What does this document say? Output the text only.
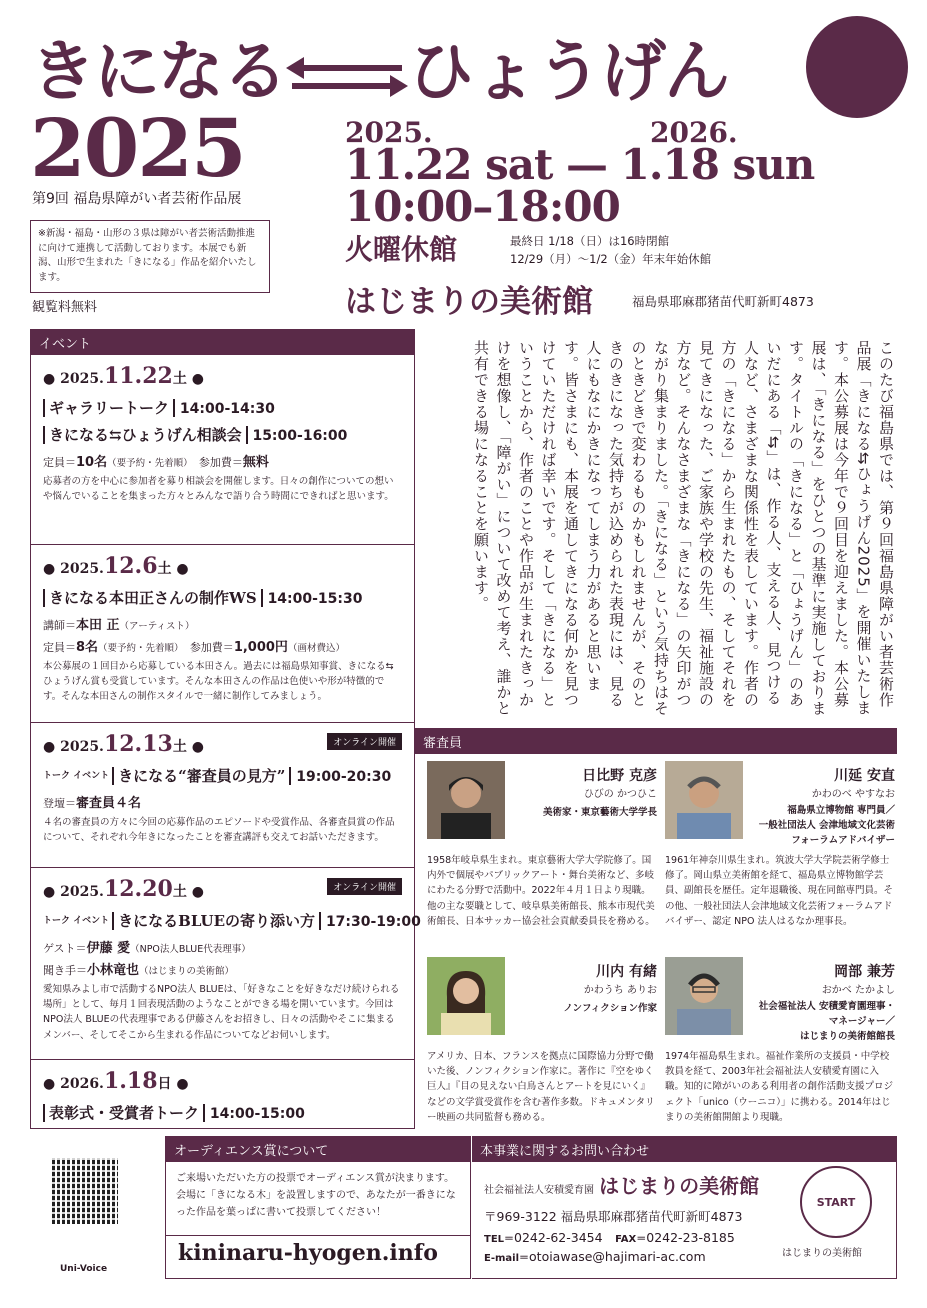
きになる ひょうげん
2025
第9回 福島県障がい者芸術作品展
※新潟・福島・山形の３県は障がい者芸術活動推進に向けて連携して活動しております。本展でも新潟、山形で生まれた「きになる」作品を紹介いたします。
観覧料無料
2025.	2026.
11.22 sat — 1.18 sun
10:00–18:00
火曜休館	最終日 1/18（日）は16時閉館
12/29（月）～1/2（金）年末年始休館
はじまりの美術館	福島県耶麻郡猪苗代町新町4873
イベント
● 2025.11.22土 ●
ギャラリートーク 14:00-14:30
きになる⇆ひょうげん相談会 15:00-16:00
定員＝10名（要予約・先着順）　 参加費＝無料
応募者の方を中心に参加者を募り相談会を開催します。日々の創作についての想いや悩んでいることを集まった方々とみんなで語り合う時間にできればと思います。
● 2025.12.6土 ●
きになる本田正さんの制作WS 14:00-15:30
講師＝本田 正（アーティスト）
定員＝8名（要予約・先着順）　 参加費＝1,000円（画材費込）
本公募展の１回目から応募している本田さん。過去には福島県知事賞、きになる⇆ひょうげん賞も受賞しています。そんな本田さんの作品は色使いや形が特徴的です。そんな本田さんの制作スタイルで一緒に制作してみましょう。
● 2025.12.13土 ●	オンライン開催
トーク イベント きになる“審査員の見方” 19:00-20:30
登壇＝審査員４名
４名の審査員の方々に今回の応募作品のエピソードや受賞作品、各審査員賞の作品について、それぞれ今年きになったことを審査講評も交えてお話いただきます。
● 2025.12.20土 ●	オンライン開催
トーク イベント きになるBLUEの寄り添い方 17:30-19:00
ゲスト＝伊藤 愛（NPO法人BLUE代表理事）
聞き手＝小林竜也（はじまりの美術館）
愛知県みよし市で活動するNPO法人 BLUEは、「好きなことを好きなだけ続けられる場所」として、毎月１回表現活動のようなことができる場を開いています。今回はNPO法人 BLUEの代表理事である伊藤さんをお招きし、日々の活動やそこに集まるメンバー、そしてそこから生まれる作品についてなどお伺いします。
● 2026.1.18日 ●
表彰式・受賞者トーク 14:00-15:00
このたび福島県では、第９回福島県障がい者芸術作品展「きになる⇆ひょうげん2025」を開催いたします。本公募展は今年で９回目を迎えました。本公募展は、「きになる」をひとつの基準に実施しております。タイトルの「きになる」と「ひょうげん」のあいだにある「⇆」は、作る人、支える人、見つける人など、さまざまな関係性を表しています。作者の方の「きになる」から生まれたもの、そしてそれを見てきになった、ご家族や学校の先生、福祉施設の方など。そんなさまざまな「きになる」の矢印がつながり集まりました。「きになる」という気持ちはそのときどきで変わるものかもしれませんが、そのときのきになった気持ちが込められた表現には、見る人にもなにかきになってしまう力があると思います。皆さまにも、本展を通してきになる何かを見つけていただければ幸いです。そして「きになる」ということから、作者のことや作品が生まれたきっかけを想像し、「障がい」について改めて考え、誰かと共有できる場になることを願います。
審査員
日比野 克彦
ひびの かつひこ
美術家・東京藝術大学学長
1958年岐阜県生まれ。東京藝術大学大学院修了。国内外で個展やパブリックアート・舞台美術など、多岐にわたる分野で活動中。2022年４月１日より現職。他の主な要職として、岐阜県美術館長、熊本市現代美術館長、日本サッカー協会社会貢献委員長を務める。
川延 安直
かわのべ やすなお
福島県立博物館 専門員／
一般社団法人 会津地域文化芸術
フォーラムアドバイザー
1961年神奈川県生まれ。筑波大学大学院芸術学修士修了。岡山県立美術館を経て、福島県立博物館学芸員、副館長を歴任。定年退職後、現在同館専門員。その他、一般社団法人会津地域文化芸術フォーラムアドバイザー、認定 NPO 法人はるなか理事長。
川内 有緒
かわうち ありお
ノンフィクション作家
アメリカ、日本、フランスを拠点に国際協力分野で働いた後、ノンフィクション作家に。著作に『空をゆく巨人』『目の見えない白鳥さんとアートを見にいく』などの文学賞受賞作を含む著作多数。ドキュメンタリー映画の共同監督も務める。
岡部 兼芳
おかべ たかよし
社会福祉法人 安積愛育園理事・
マネージャー／
はじまりの美術館館長
1974年福島県生まれ。福祉作業所の支援員・中学校教員を経て、2003年社会福祉法人安積愛育園に入職。知的に障がいのある利用者の創作活動支援プロジェクト「unico（ウーニコ）」に携わる。2014年はじまりの美術館開館より現職。
Uni-Voice
オーディエンス賞について
ご来場いただいた方の投票でオーディエンス賞が決まります。会場に「きになる木」を設置しますので、あなたが一番きになった作品を葉っぱに書いて投票してください！
kininaru-hyogen.info
本事業に関するお問い合わせ
社会福祉法人安積愛育園 はじまりの美術館
〒969-3122 福島県耶麻郡猪苗代町新町4873
TEL＝0242-62-3454　 FAX＝0242-23-8185
E-mail＝otoiawase@hajimari-ac.com
START
はじまりの美術館
